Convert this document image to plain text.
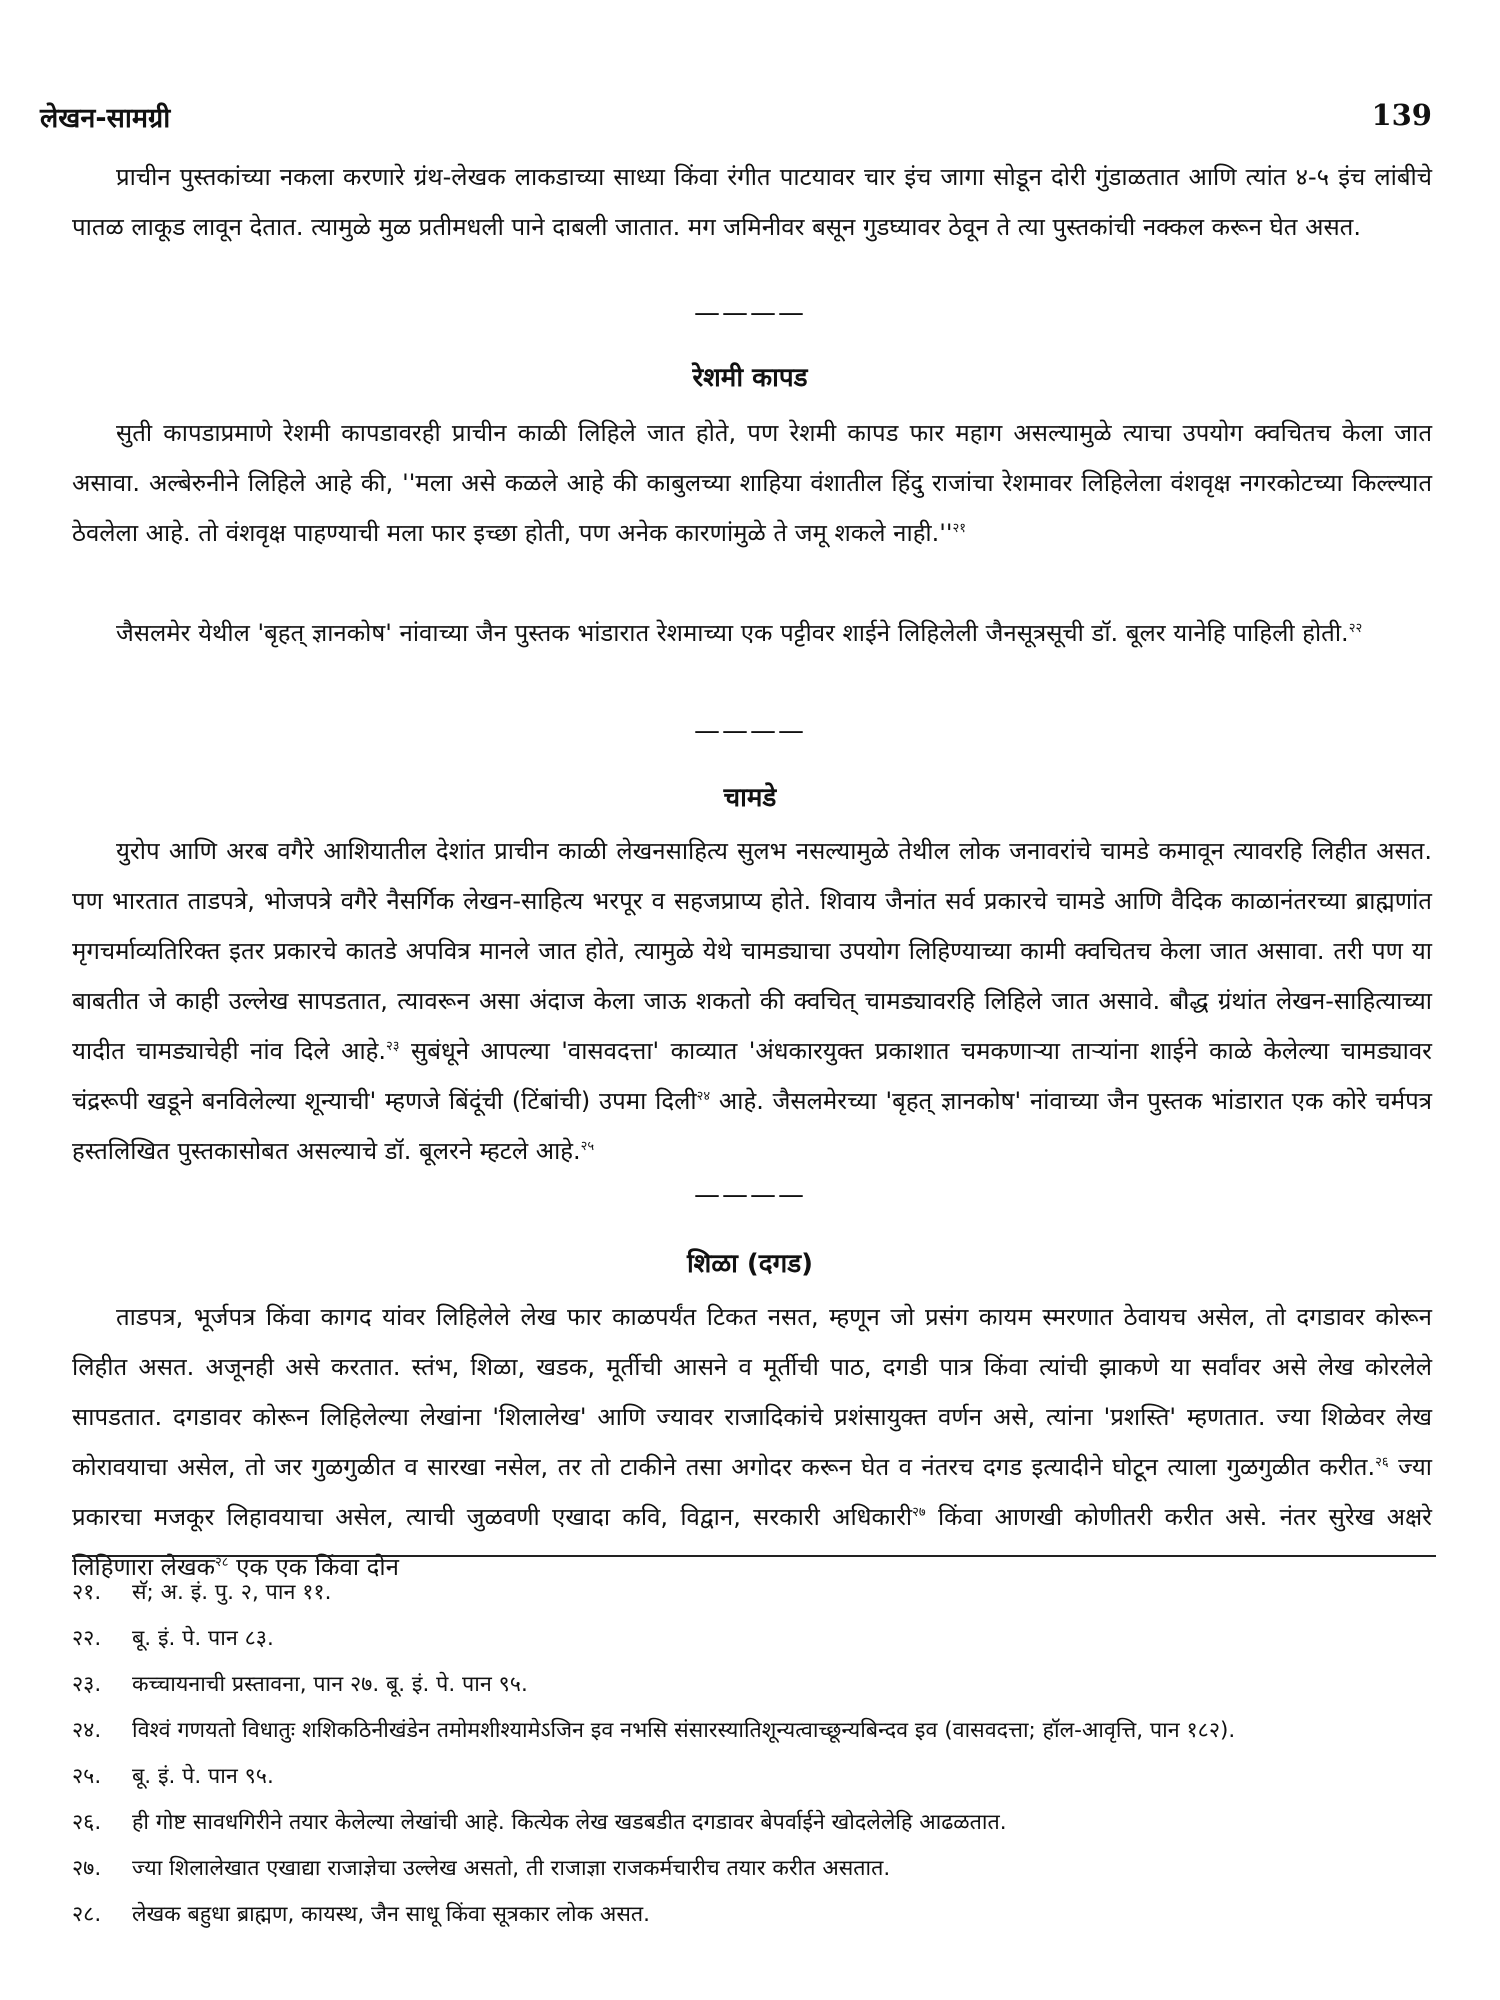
लेखन-सामग्री	139

प्राचीन पुस्तकांच्या नकला करणारे ग्रंथ-लेखक लाकडाच्या साध्या किंवा रंगीत पाटयावर चार इंच जागा सोडून दोरी गुंडाळतात आणि त्यांत ४-५ इंच लांबीचे पातळ लाकूड लावून देतात. त्यामुळे मुळ प्रतीमधली पाने दाबली जातात. मग जमिनीवर बसून गुडघ्यावर ठेवून ते त्या पुस्तकांची नक्कल करून घेत असत.

————
रेशमी कापड

सुती कापडाप्रमाणे रेशमी कापडावरही प्राचीन काळी लिहिले जात होते, पण रेशमी कापड फार महाग असल्यामुळे त्याचा उपयोग क्वचितच केला जात असावा. अल्बेरुनीने लिहिले आहे की, ''मला असे कळले आहे की काबुलच्या शाहिया वंशातील हिंदु राजांचा रेशमावर लिहिलेला वंशवृक्ष नगरकोटच्या किल्ल्यात ठेवलेला आहे. तो वंशवृक्ष पाहण्याची मला फार इच्छा होती, पण अनेक कारणांमुळे ते जमू शकले $नाही.''^{२१}$

जैसलमेर येथील 'बृहत् ज्ञानकोष' नांवाच्या जैन पुस्तक भांडारात रेशमाच्या एक पट्टीवर शाईने लिहिलेली जैनसूत्रसूची डॉ. बूलर यानेहि पाहिली होती.$^{२२}$

————
चामडे

युरोप आणि अरब वगैरे आशियातील देशांत प्राचीन काळी लेखनसाहित्य सुलभ नसल्यामुळे तेथील लोक जनावरांचे चामडे कमावून त्यावरहि लिहीत असत. पण भारतात ताडपत्रे, भोजपत्रे वगैरे नैसर्गिक लेखन-साहित्य भरपूर व सहजप्राप्य होते. शिवाय जैनांत सर्व प्रकारचे चामडे आणि वैदिक काळानंतरच्या ब्राह्मणांत मृगचर्माव्यतिरिक्त इतर प्रकारचे कातडे अपवित्र मानले जात होते, त्यामुळे येथे चामड्याचा उपयोग लिहिण्याच्या कामी क्वचितच केला जात असावा. तरी पण या बाबतीत जे काही उल्लेख सापडतात, त्यावरून असा अंदाज केला जाऊ शकतो की क्वचित् चामड्यावरहि लिहिले जात असावे. बौद्ध ग्रंथांत लेखन-साहित्याच्या यादीत चामड्याचेही नांव दिले आहे.$^{२३}$ सुबंधूने आपल्या 'वासवदत्ता' काव्यात 'अंधकारयुक्त प्रकाशात चमकणाऱ्या ताऱ्यांना शाईने काळे केलेल्या चामड्यावर चंद्ररूपी खडूने बनविलेल्या शून्याची' म्हणजे बिंदूंची (टिंबांची) उपमा दिली$^{२४}$ आहे. जैसलमेरच्या 'बृहत् ज्ञानकोष' नांवाच्या जैन पुस्तक भांडारात एक कोरे चर्मपत्र हस्तलिखित पुस्तकासोबत असल्याचे डॉ. बूलरने म्हटले आहे.$^{२५}$

————
शिळा (दगड)

ताडपत्र, भूर्जपत्र किंवा कागद यांवर लिहिलेले लेख फार काळपर्यंत टिकत नसत, म्हणून जो प्रसंग कायम स्मरणात ठेवायच असेल, तो दगडावर कोरून लिहीत असत. अजूनही असे करतात. स्तंभ, शिळा, खडक, मूर्तीची आसने व मूर्तीची पाठ, दगडी पात्र किंवा त्यांची झाकणे या सर्वांवर असे लेख कोरलेले सापडतात. दगडावर कोरून लिहिलेल्या लेखांना 'शिलालेख' आणि ज्यावर राजादिकांचे प्रशंसायुक्त वर्णन असे, त्यांना 'प्रशस्ति' म्हणतात. ज्या शिळेवर लेख कोरावयाचा असेल, तो जर गुळगुळीत व सारखा नसेल, तर तो टाकीने तसा अगोदर करून घेत व नंतरच दगड इत्यादीने घोटून त्याला गुळगुळीत करीत.$^{२६}$ ज्या प्रकारचा मजकूर लिहावयाचा असेल, त्याची जुळवणी एखादा कवि, विद्वान, सरकारी अधिकारी$^{२७}$ किंवा आणखी कोणीतरी करीत असे. नंतर सुरेख अक्षरे लिहिणारा लेखक$^{२८}$ एक एक किंवा दोन

२१. सॅ; अ. इं. पु. २, पान ११.
२२. बू. इं. पे. पान ८३.
२३. कच्चायनाची प्रस्तावना, पान २७. बू. इं. पे. पान ९५.
२४. विश्वं गणयतो विधातुः शशिकठिनीखंडेन तमोमशीश्यामेऽजिन इव नभसि संसारस्यातिशून्यत्वाच्छून्यबिन्दव इव (वासवदत्ता; हॉल-आवृत्ति, पान १८२).
२५. बू. इं. पे. पान ९५.
२६. ही गोष्ट सावधगिरीने तयार केलेल्या लेखांची आहे. कित्येक लेख खडबडीत दगडावर बेपर्वाईने खोदलेलेहि आढळतात.
२७. ज्या शिलालेखात एखाद्या राजाज्ञेचा उल्लेख असतो, ती राजाज्ञा राजकर्मचारीच तयार करीत असतात.
२८. लेखक बहुधा ब्राह्मण, कायस्थ, जैन साधू किंवा सूत्रकार लोक असत.
